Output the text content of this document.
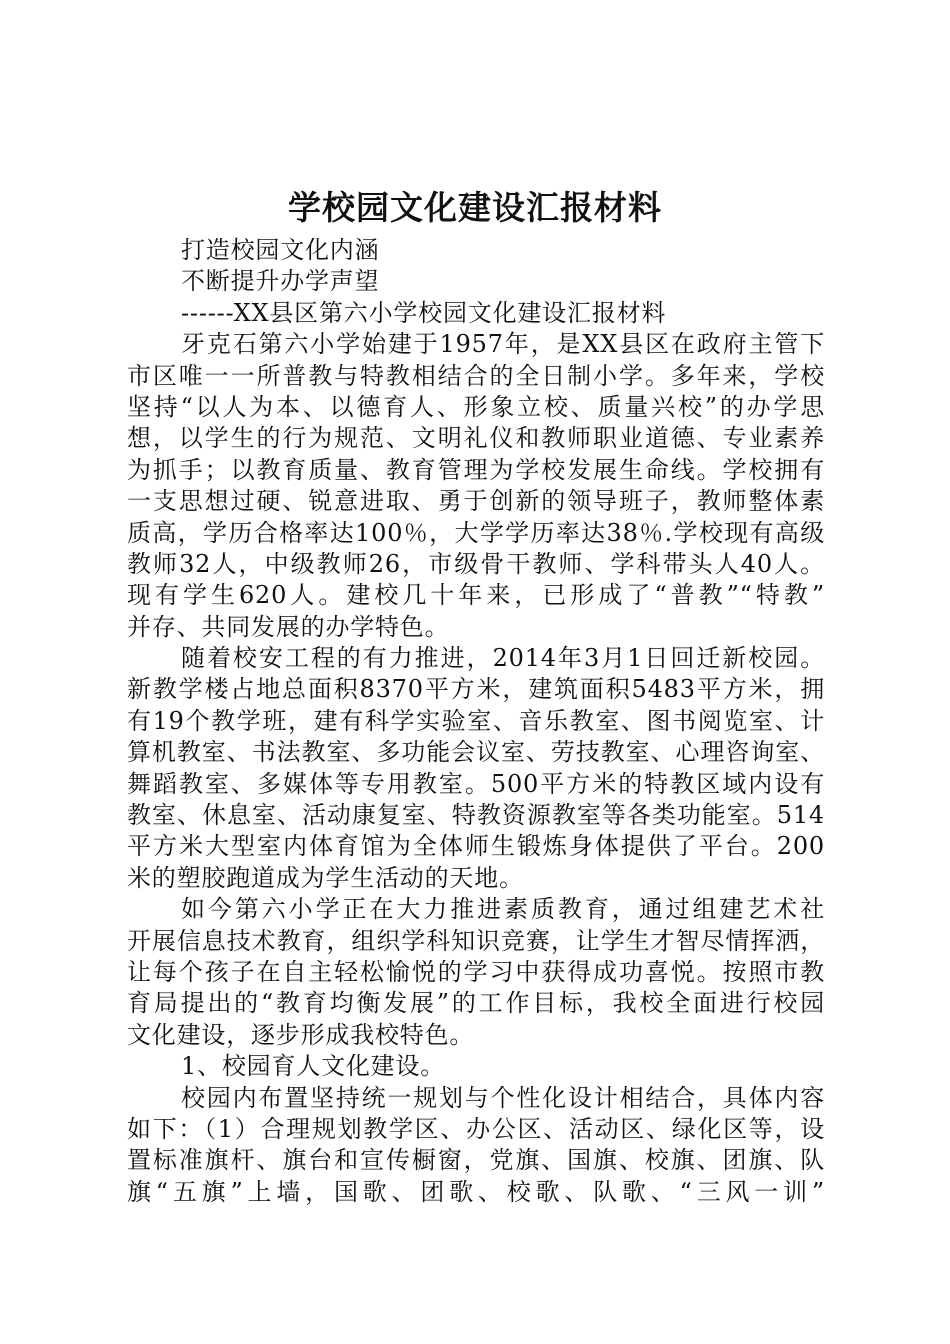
学校园文化建设汇报材料

打造校园文化内涵

不断提升办学声望

------XX县区第六小学校园文化建设汇报材料

牙克石第六小学始建于1957年，是XX县区在政府主管下

市区唯一一所普教与特教相结合的全日制小学。多年来，学校

坚持“以人为本、以德育人、形象立校、质量兴校”的办学思

想，以学生的行为规范、文明礼仪和教师职业道德、专业素养

为抓手；以教育质量、教育管理为学校发展生命线。学校拥有

一支思想过硬、锐意进取、勇于创新的领导班子，教师整体素

质高，学历合格率达100％，大学学历率达38％.学校现有高级

教师32人，中级教师26，市级骨干教师、学科带头人40人。

现有学生620人。建校几十年来，已形成了“普教”“特教”

并存、共同发展的办学特色。

随着校安工程的有力推进，2014年3月1日回迁新校园。

新教学楼占地总面积8370平方米，建筑面积5483平方米，拥

有19个教学班，建有科学实验室、音乐教室、图书阅览室、计

算机教室、书法教室、多功能会议室、劳技教室、心理咨询室、

舞蹈教室、多媒体等专用教室。500平方米的特教区域内设有

教室、休息室、活动康复室、特教资源教室等各类功能室。514

平方米大型室内体育馆为全体师生锻炼身体提供了平台。200

米的塑胶跑道成为学生活动的天地。

如今第六小学正在大力推进素质教育，通过组建艺术社

开展信息技术教育，组织学科知识竞赛，让学生才智尽情挥洒，

让每个孩子在自主轻松愉悦的学习中获得成功喜悦。按照市教

育局提出的“教育均衡发展”的工作目标，我校全面进行校园

文化建设，逐步形成我校特色。

1、校园育人文化建设。

校园内布置坚持统一规划与个性化设计相结合，具体内容

如下：（1）合理规划教学区、办公区、活动区、绿化区等，设

置标准旗杆、旗台和宣传橱窗，党旗、国旗、校旗、团旗、队

旗“五旗”上墙，国歌、团歌、校歌、队歌、“三风一训”
